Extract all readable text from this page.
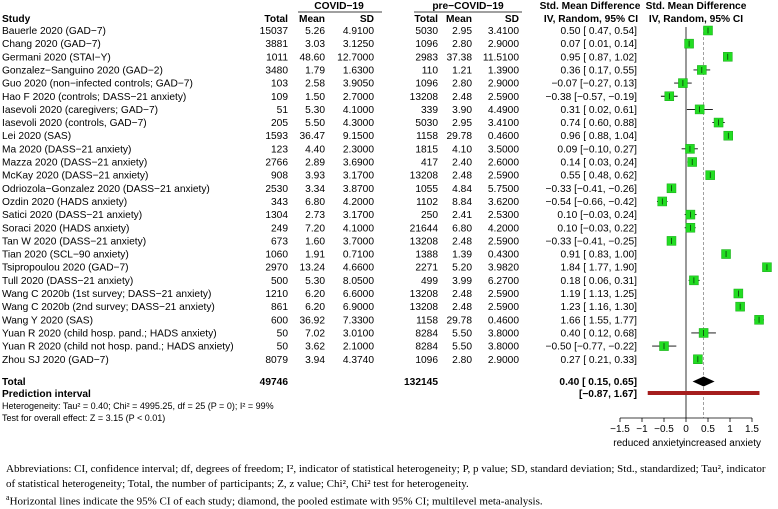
COVID−19	pre−COVID−19	Std. Mean Difference Std. Mean Difference
Study	Total Mean	SD	Total Mean	SD IV, Random, 95% CI IV, Random, 95% CI
Bauerle 2020 (GAD−7)	15037 5.26 4.9100	5030 2.95 3.4100	0.50 [ 0.47, 0.54]
Chang 2020 (GAD−7)	3881 3.03 3.1250	1096 2.80 2.9000	0.07 [ 0.01, 0.14]
Germani 2020 (STAI−Y)	1011 48.60 12.7000	2983 37.38 11.5100	0.95 [ 0.87, 1.02]
Gonzalez−Sanguino 2020 (GAD−2)	3480 1.79 1.6300	110 1.21 1.3900	0.36 [ 0.17, 0.55]
Guo 2020 (non−infected controls; GAD−7)	103 2.58 3.9050	1096 2.80 2.9000	−0.07 [−0.27, 0.13]
Hao F 2020 (controls; DASS−21 anxiety)	109 1.50 2.7000	13208 2.48 2.5900	−0.38 [−0.57, −0.19]
Iasevoli 2020 (caregivers; GAD−7)	51 5.30 4.1000	339 3.90 4.4900	0.31 [ 0.02, 0.61]
Iasevoli 2020 (controls, GAD−7)	205 5.50 4.3000	5030 2.95 3.4100	0.74 [ 0.60, 0.88]
Lei 2020 (SAS)	1593 36.47 9.1500	1158 29.78 0.4600	0.96 [ 0.88, 1.04]
Ma 2020 (DASS−21 anxiety)	123 4.40 2.3000	1815 4.10 3.5000	0.09 [−0.10, 0.27]
Mazza 2020 (DASS−21 anxiety)	2766 2.89 3.6900	417 2.40 2.6000	0.14 [ 0.03, 0.24]
McKay 2020 (DASS−21 anxiety)	908 3.93 3.1700	13208 2.48 2.5900	0.55 [ 0.48, 0.62]
Odriozola−Gonzalez 2020 (DASS−21 anxiety)	2530 3.34 3.8700	1055 4.84 5.7500	−0.33 [−0.41, −0.26]
Ozdin 2020 (HADS anxiety)	343 6.80 4.2000	1102 8.84 3.6200	−0.54 [−0.66, −0.42]
Satici 2020 (DASS−21 anxiety)	1304 2.73 3.1700	250 2.41 2.5300	0.10 [−0.03, 0.24]
Soraci 2020 (HADS anxiety)	249 7.20 4.1000	21644 6.80 4.2000	0.10 [−0.03, 0.22]
Tan W 2020 (DASS−21 anxiety)	673 1.60 3.7000	13208 2.48 2.5900	−0.33 [−0.41, −0.25]
Tian 2020 (SCL−90 anxiety)	1060 1.91 0.7100	1388 1.39 0.4300	0.91 [ 0.83, 1.00]
Tsipropoulou 2020 (GAD−7)	2970 13.24 4.6600	2271 5.20 3.9820	1.84 [ 1.77, 1.90]
Tull 2020 (DASS−21 anxiety)	500 5.30 8.0500	499 3.99 6.2700	0.18 [ 0.06, 0.31]
Wang C 2020b (1st survey; DASS−21 anxiety)	1210 6.20 6.6000	13208 2.48 2.5900	1.19 [ 1.13, 1.25]
Wang C 2020b (2nd survey; DASS−21 anxiety)	861 6.20 6.9000	13208 2.48 2.5900	1.23 [ 1.16, 1.30]
Wang Y 2020 (SAS)	600 36.92 7.3300	1158 29.78 0.4600	1.66 [ 1.55, 1.77]
Yuan R 2020 (child hosp. pand.; HADS anxiety)	50 7.02 3.0100	8284 5.50 3.8000	0.40 [ 0.12, 0.68]
Yuan R 2020 (child not hosp. pand.; HADS anxiety)	50 3.62 2.1000	8284 5.50 3.8000	−0.50 [−0.77, −0.22]
Zhou SJ 2020 (GAD−7)	8079 3.94 4.3740	1096 2.80 2.9000	0.27 [ 0.21, 0.33]
Total	49746	132145	0.40 [ 0.15, 0.65]
Prediction interval	[−0.87, 1.67]
Heterogeneity: Tau² = 0.40; Chi² = 4995.25, df = 25 (P = 0); I² = 99%
Test for overall effect: Z = 3.15 (P < 0.01)
−1.5 −1 −0.5 0 0.5 1 1.5
reduced anxiety increased anxiety

Abbreviations: CI, confidence interval; df, degrees of freedom; I², indicator of statistical heterogeneity; P, p value; SD, standard deviation; Std., standardized; Tau², indicator of statistical heterogeneity; Total, the number of participants; Z, z value; Chi², Chi² test for heterogeneity.

$^a$Horizontal lines indicate the 95% CI of each study; diamond, the pooled estimate with 95% CI; multilevel meta-analysis.
